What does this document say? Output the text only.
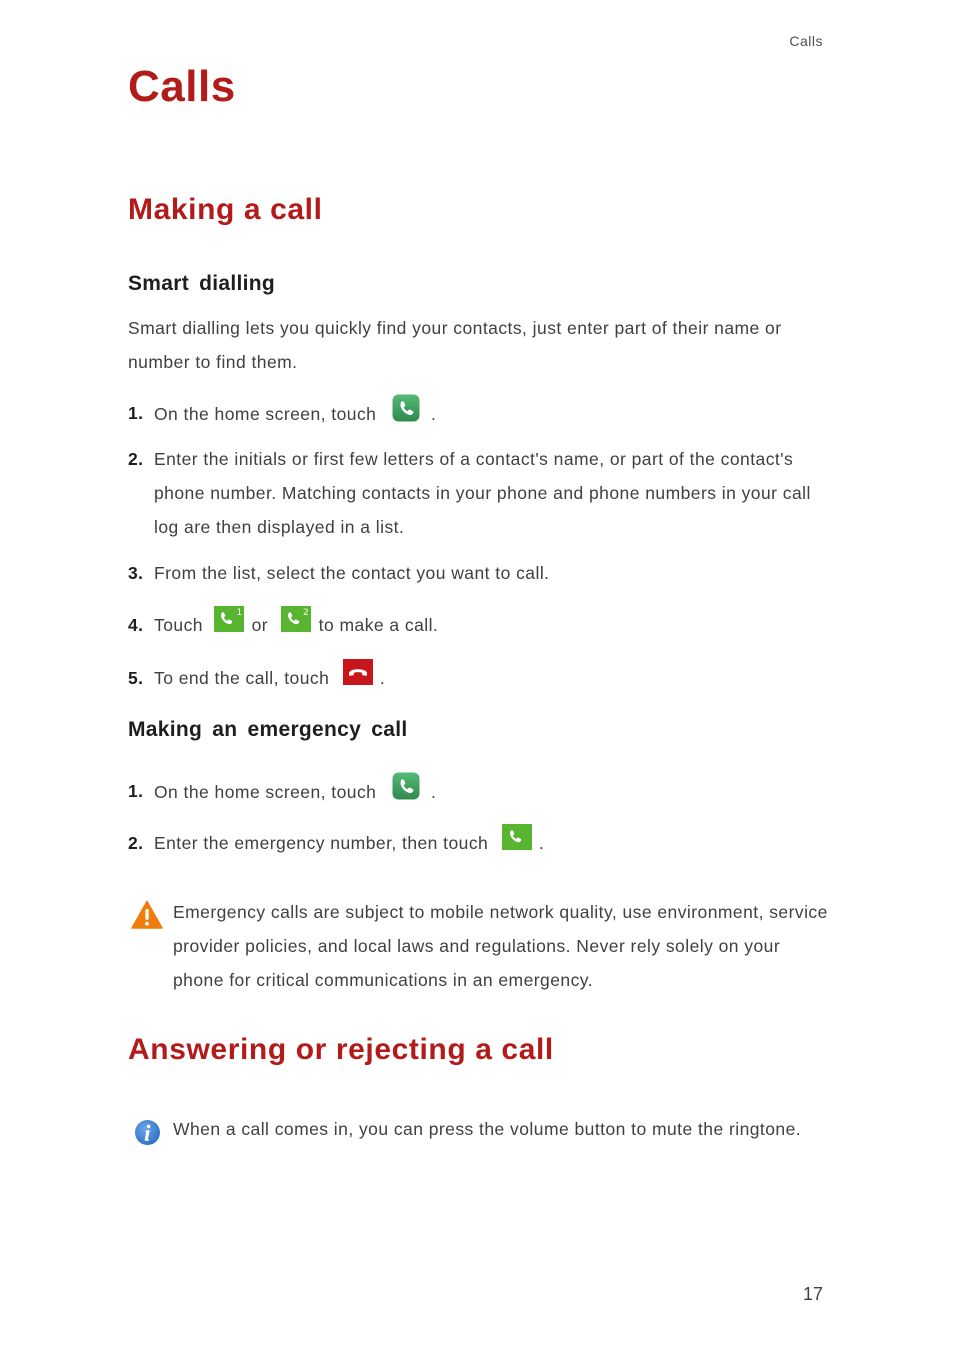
Calls
Calls
Making a call
Smart dialling
Smart dialling lets you quickly find your contacts, just enter part of their name or number to find them.
1. On the home screen, touch	.
2. Enter the initials or first few letters of a contact's name, or part of the contact's phone number. Matching contacts in your phone and phone numbers in your call log are then displayed in a list.
3. From the list, select the contact you want to call.
4. Touch
1
or
2
to make a call.
5. To end the call, touch	.
Making an emergency call
1. On the home screen, touch	.
2. Enter the emergency number, then touch	.
Emergency calls are subject to mobile network quality, use environment, service provider policies, and local laws and regulations. Never rely solely on your phone for critical communications in an emergency.
Answering or rejecting a call
When a call comes in, you can press the volume button to mute the ringtone.
17
